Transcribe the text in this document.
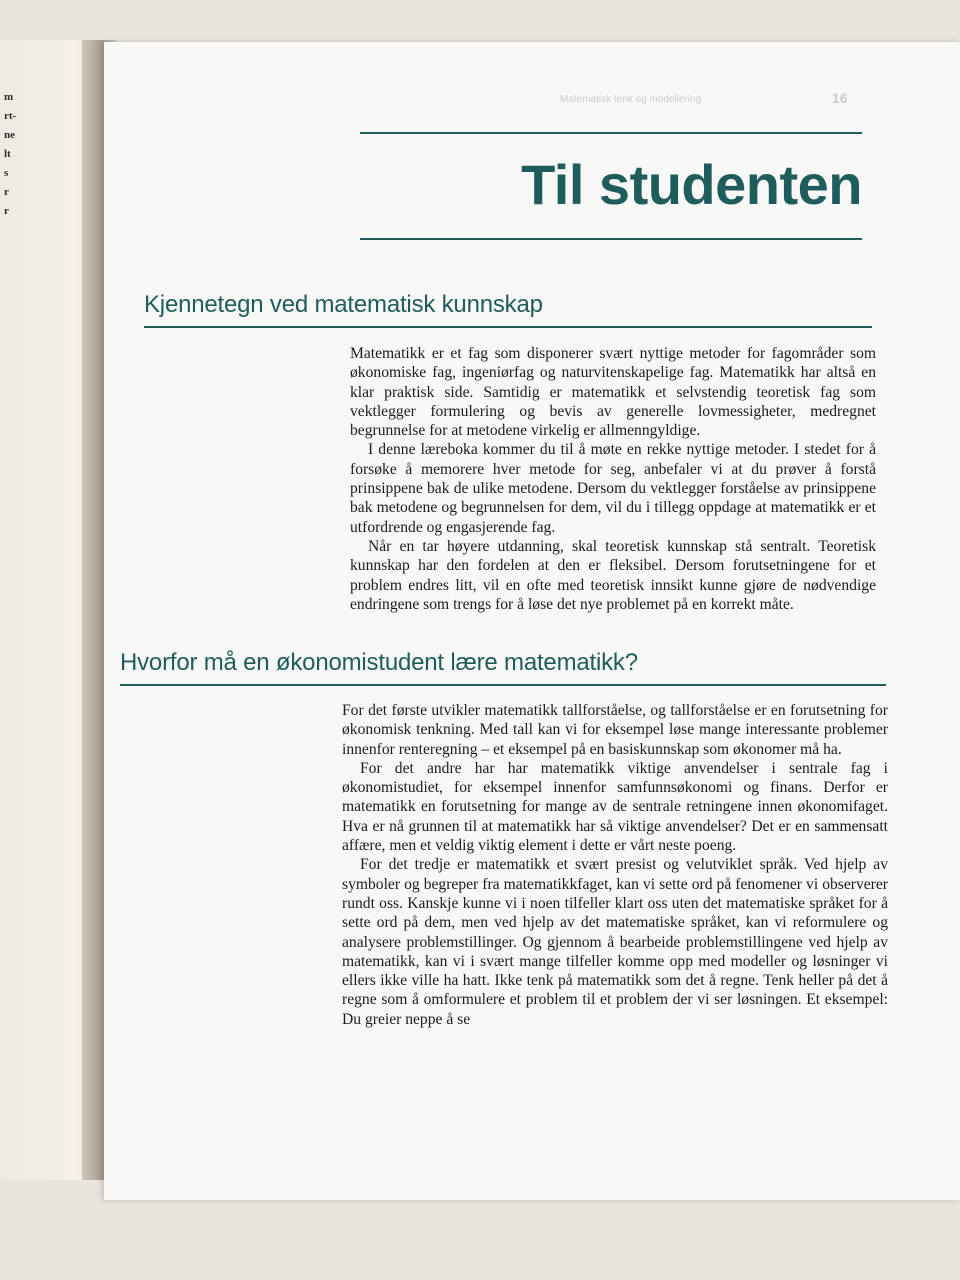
m
rt-
ne
lt
s
r
r
Matematisk tenk og modellering	16
Til studenten
Kjennetegn ved matematisk kunnskap

Matematikk er et fag som disponerer svært nyttige metoder for fagområder som økonomiske fag, ingeniørfag og naturvitenskapelige fag. Matematikk har altså en klar praktisk side. Samtidig er matematikk et selvstendig teoretisk fag som vektlegger formulering og bevis av generelle lovmessigheter, medregnet begrunnelse for at metodene virkelig er allmenngyldige.

I denne læreboka kommer du til å møte en rekke nyttige metoder. I stedet for å forsøke å memorere hver metode for seg, anbefaler vi at du prøver å forstå prinsippene bak de ulike metodene. Dersom du vektlegger forståelse av prinsippene bak metodene og begrunnelsen for dem, vil du i tillegg oppdage at matematikk er et utfordrende og engasjerende fag.

Når en tar høyere utdanning, skal teoretisk kunnskap stå sentralt. Teoretisk kunnskap har den fordelen at den er fleksibel. Dersom forutsetningene for et problem endres litt, vil en ofte med teoretisk innsikt kunne gjøre de nødvendige endringene som trengs for å løse det nye problemet på en korrekt måte.

Hvorfor må en økonomistudent lære matematikk?

For det første utvikler matematikk tallforståelse, og tallforståelse er en forutsetning for økonomisk tenkning. Med tall kan vi for eksempel løse mange interessante problemer innenfor renteregning – et eksempel på en basiskunnskap som økonomer må ha.

For det andre har har matematikk viktige anvendelser i sentrale fag i økonomistudiet, for eksempel innenfor samfunnsøkonomi og finans. Derfor er matematikk en forutsetning for mange av de sentrale retningene innen økonomifaget. Hva er nå grunnen til at matematikk har så viktige anvendelser? Det er en sammensatt affære, men et veldig viktig element i dette er vårt neste poeng.

For det tredje er matematikk et svært presist og velutviklet språk. Ved hjelp av symboler og begreper fra matematikkfaget, kan vi sette ord på fenomener vi observerer rundt oss. Kanskje kunne vi i noen tilfeller klart oss uten det matematiske språket for å sette ord på dem, men ved hjelp av det matematiske språket, kan vi reformulere og analysere problemstillinger. Og gjennom å bearbeide problemstillingene ved hjelp av matematikk, kan vi i svært mange tilfeller komme opp med modeller og løsninger vi ellers ikke ville ha hatt. Ikke tenk på matematikk som det å regne. Tenk heller på det å regne som å omformulere et problem til et problem der vi ser løsningen. Et eksempel: Du greier neppe å se
